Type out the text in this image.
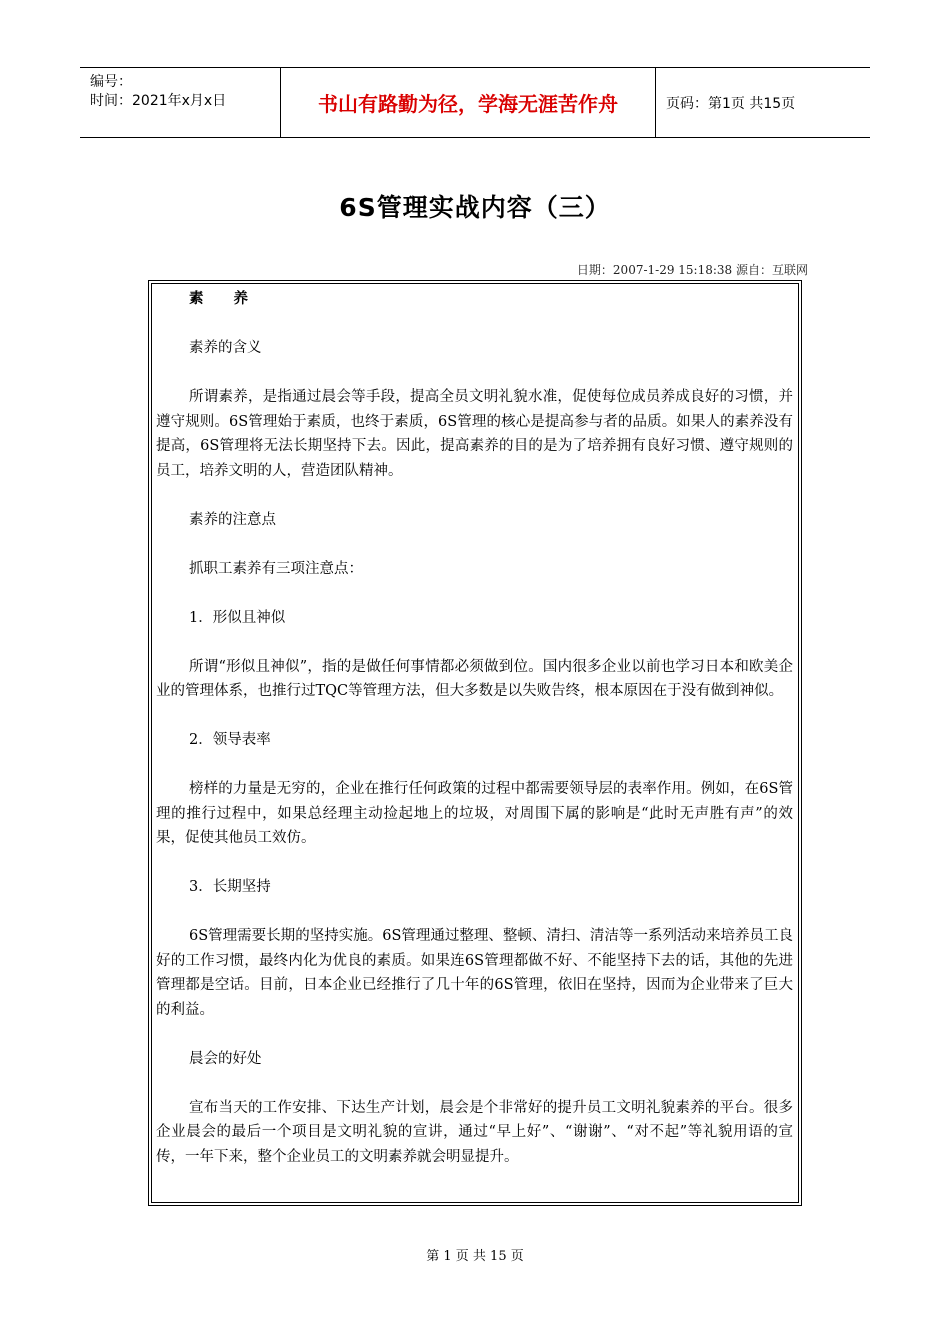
编号：
时间：2021年x月x日	书山有路勤为径，学海无涯苦作舟	页码：第1页 共15页
6S管理实战内容（三）
日期：2007-1-29 15:18:38 源自：互联网

素养

素养的含义

所谓素养，是指通过晨会等手段，提高全员文明礼貌水准，促使每位成员养成良好的习惯，并遵守规则。6S管理始于素质，也终于素质，6S管理的核心是提高参与者的品质。如果人的素养没有提高，6S管理将无法长期坚持下去。因此，提高素养的目的是为了培养拥有良好习惯、遵守规则的员工，培养文明的人，营造团队精神。

素养的注意点

抓职工素养有三项注意点：

1．形似且神似

所谓“形似且神似”，指的是做任何事情都必须做到位。国内很多企业以前也学习日本和欧美企业的管理体系，也推行过TQC等管理方法，但大多数是以失败告终，根本原因在于没有做到神似。

2．领导表率

榜样的力量是无穷的，企业在推行任何政策的过程中都需要领导层的表率作用。例如，在6S管理的推行过程中，如果总经理主动捡起地上的垃圾，对周围下属的影响是“此时无声胜有声”的效果，促使其他员工效仿。

3．长期坚持

6S管理需要长期的坚持实施。6S管理通过整理、整顿、清扫、清洁等一系列活动来培养员工良好的工作习惯，最终内化为优良的素质。如果连6S管理都做不好、不能坚持下去的话，其他的先进管理都是空话。目前，日本企业已经推行了几十年的6S管理，依旧在坚持，因而为企业带来了巨大的利益。

晨会的好处

宣布当天的工作安排、下达生产计划，晨会是个非常好的提升员工文明礼貌素养的平台。很多企业晨会的最后一个项目是文明礼貌的宣讲，通过“早上好”、“谢谢”、“对不起”等礼貌用语的宣传，一年下来，整个企业员工的文明素养就会明显提升。

第 1 页 共 15 页
